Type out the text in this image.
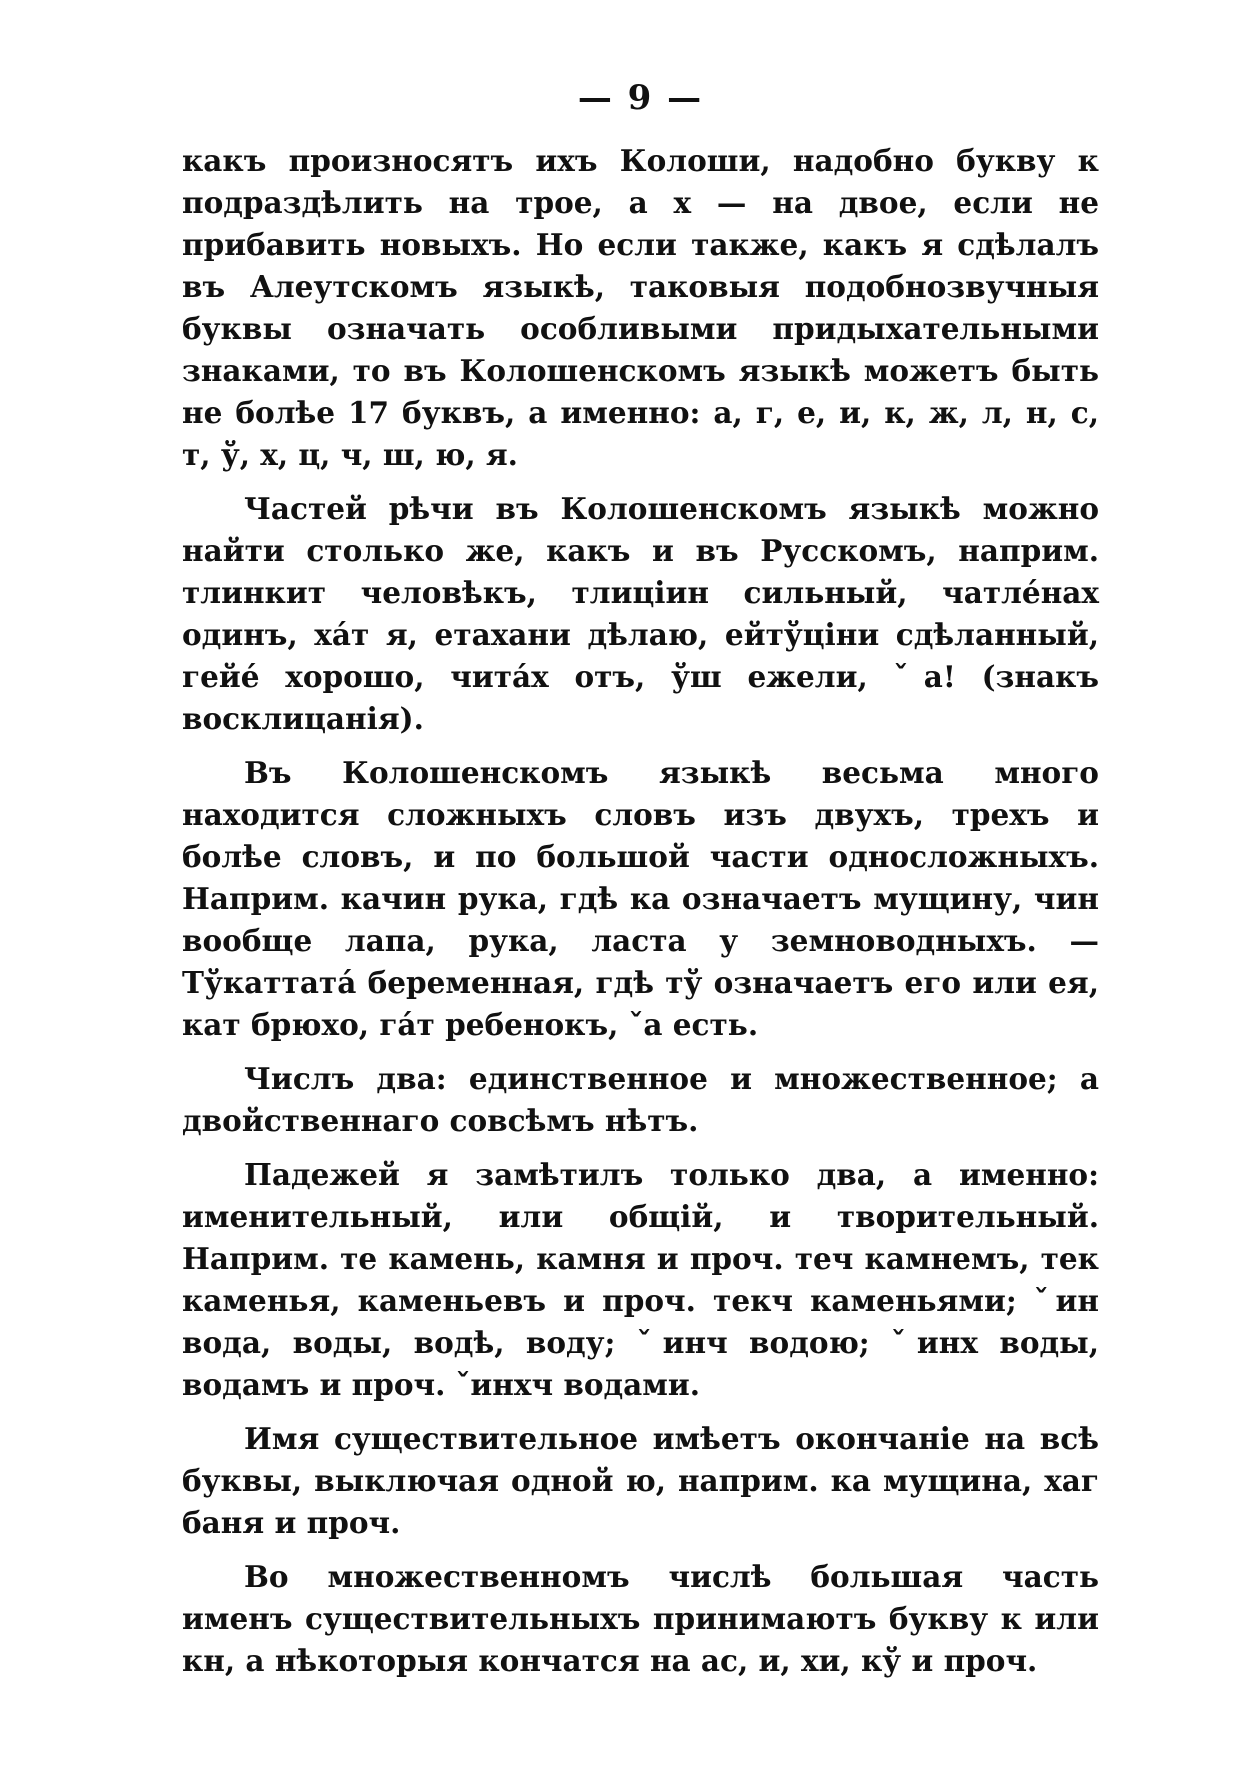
— 9 —

какъ произносятъ ихъ Колоши, надобно букву к подраздѣлить на трое, а х — на двое, если не прибавить новыхъ. Но если также, какъ я сдѣлалъ въ Алеутскомъ языкѣ, таковыя подобнозвучныя буквы означать особливыми придыхательными знаками, то въ Колошенскомъ языкѣ можетъ быть не болѣе 17 буквъ, а именно: а, г, е, и, к, ж, л, н, с, т, ў, х, ц, ч, ш, ю, я.

Частей рѣчи въ Колошенскомъ языкѣ можно найти столько же, какъ и въ Русскомъ, наприм. тлинкит человѣкъ, тлиціин сильный, чатлéнах одинъ, хáт я, етахани дѣлаю, ейтўціни сдѣланный, гейé хорошо, читáх отъ, ўш ежели, ˇа! (знакъ восклицанія).

Въ Колошенскомъ языкѣ весьма много находится сложныхъ словъ изъ двухъ, трехъ и болѣе словъ, и по большой части односложныхъ. Наприм. качин рука, гдѣ ка означаетъ мущину, чин вообще лапа, рука, ласта у земноводныхъ. — Тўкаттатá беременная, гдѣ тў означаетъ его или ея, кат брюхо, гáт ребенокъ, ˇа есть.

Числъ два: единственное и множественное; а двойственнаго совсѣмъ нѣтъ.

Падежей я замѣтилъ только два, а именно: именительный, или общій, и творительный. Наприм. те камень, камня и проч. теч камнемъ, тек каменья, каменьевъ и проч. текч каменьями; ˇин вода, воды, водѣ, воду; ˇинч водою; ˇинх воды, водамъ и проч. ˇинхч водами.

Имя существительное имѣетъ окончаніе на всѣ буквы, выключая одной ю, наприм. ка мущина, хаг баня и проч.

Во множественномъ числѣ большая часть именъ существительныхъ принимаютъ букву к или кн, а нѣкоторыя кончатся на ас, и, хи, кў и проч.
